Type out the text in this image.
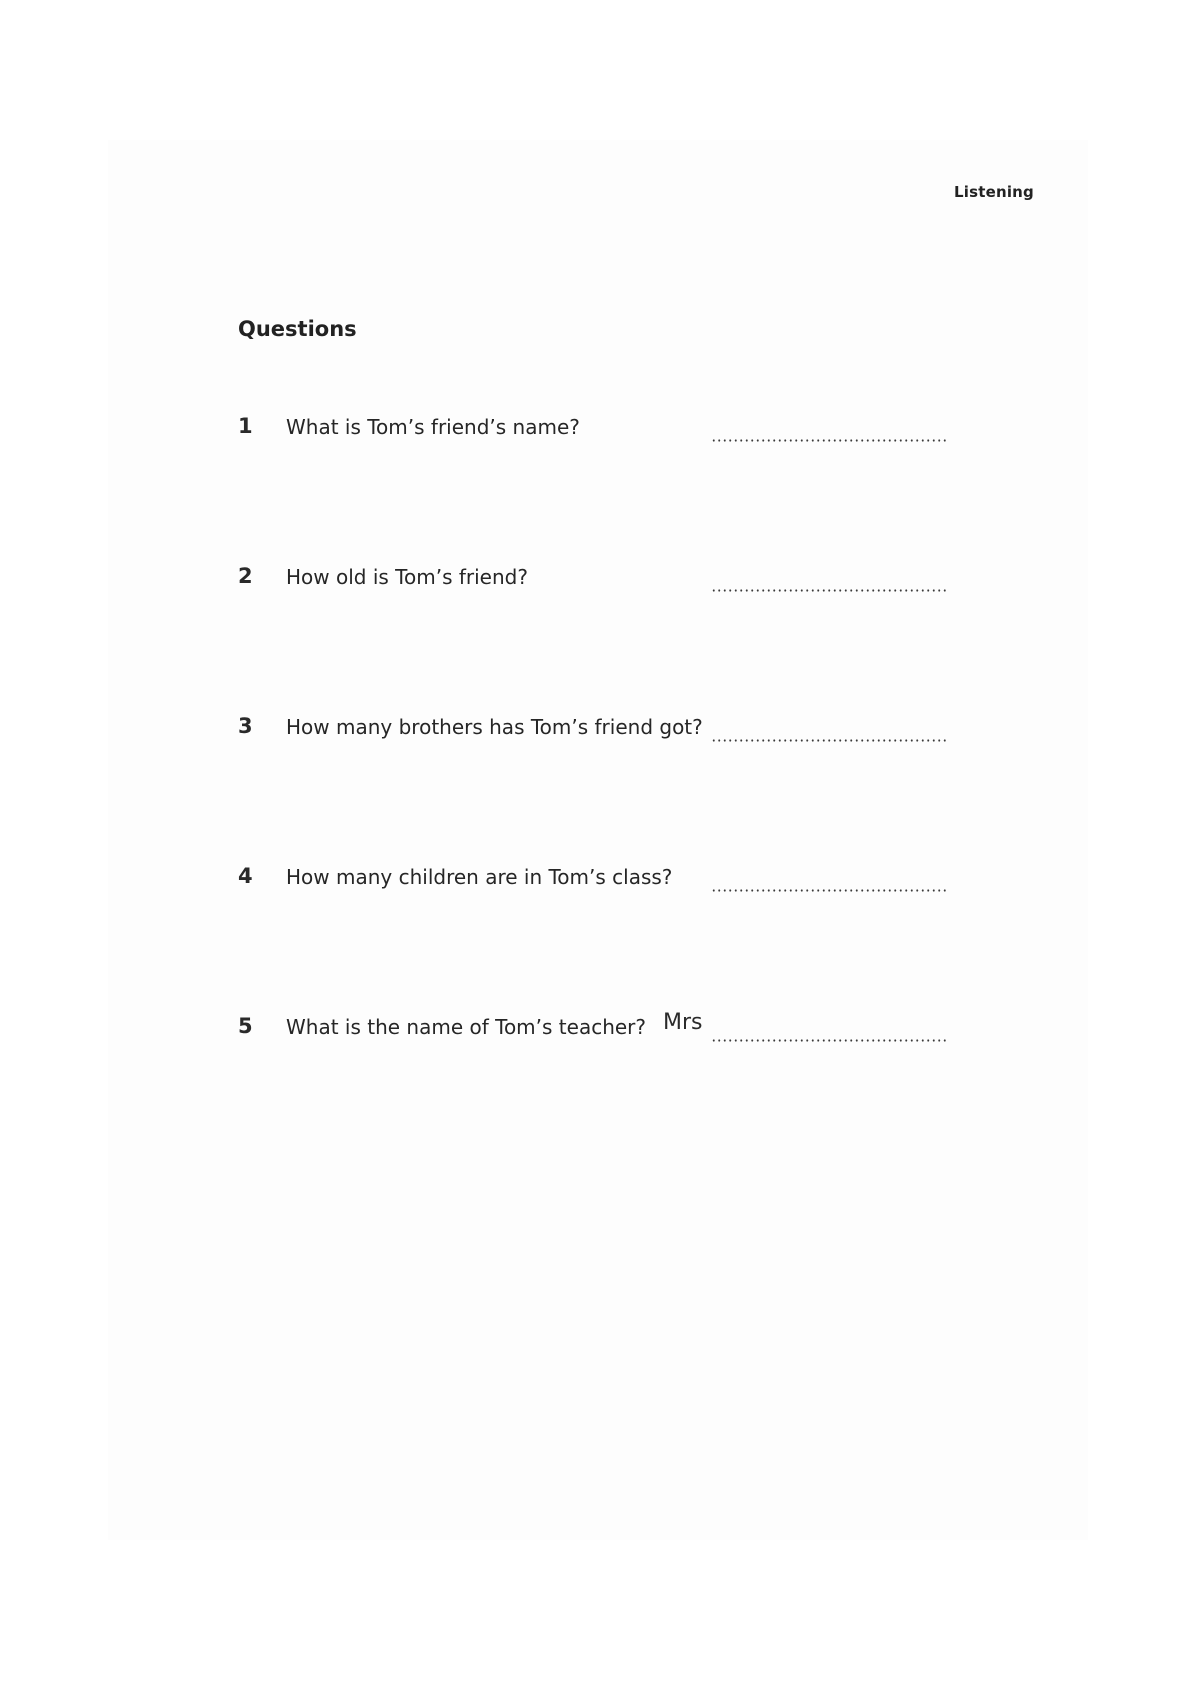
Listening
Questions
1 What is Tom’s friend’s name?
2 How old is Tom’s friend?
3 How many brothers has Tom’s friend got?
4 How many children are in Tom’s class?
5 What is the name of Tom’s teacher? Mrs
